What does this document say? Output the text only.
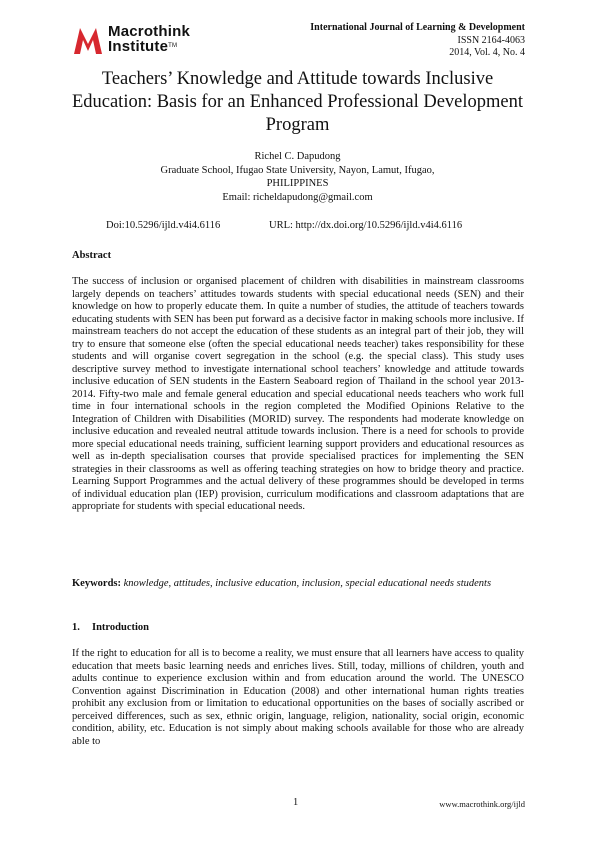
Macrothink
Institute™
International Journal of Learning & Development
ISSN 2164-4063
2014, Vol. 4, No. 4
Teachers’ Knowledge and Attitude towards Inclusive Education: Basis for an Enhanced Professional Development Program
Richel C. Dapudong
Graduate School, Ifugao State University, Nayon, Lamut, Ifugao,
PHILIPPINES
Email: richeldapudong@gmail.com
Doi:10.5296/ijld.v4i4.6116	URL: http://dx.doi.org/10.5296/ijld.v4i4.6116
Abstract

The success of inclusion or organised placement of children with disabilities in mainstream classrooms largely depends on teachers’ attitudes towards students with special educational needs (SEN) and their knowledge on how to properly educate them. In quite a number of studies, the attitude of teachers towards educating students with SEN has been put forward as a decisive factor in making schools more inclusive. If mainstream teachers do not accept the education of these students as an integral part of their job, they will try to ensure that someone else (often the special educational needs teacher) takes responsibility for these students and will organise covert segregation in the school (e.g. the special class). This study uses descriptive survey method to investigate international school teachers’ knowledge and attitude towards inclusive education of SEN students in the Eastern Seaboard region of Thailand in the school year 2013-2014. Fifty-two male and female general education and special educational needs teachers who work full time in four international schools in the region completed the Modified Opinions Relative to the Integration of Children with Disabilities (MORID) survey. The respondents had moderate knowledge on inclusive education and revealed neutral attitude towards inclusion. There is a need for schools to provide more special educational needs training, sufficient learning support providers and educational resources as well as in-depth specialisation courses that provide specialised practices for implementing the SEN strategies in their classrooms as well as offering teaching strategies on how to bridge theory and practice. Learning Support Programmes and the actual delivery of these programmes should be developed in terms of individual education plan (IEP) provision, curriculum modifications and classroom adaptations that are appropriate for students with special educational needs.

Keywords: knowledge, attitudes, inclusive education, inclusion, special educational needs students

1. Introduction

If the right to education for all is to become a reality, we must ensure that all learners have access to quality education that meets basic learning needs and enriches lives. Still, today, millions of children, youth and adults continue to experience exclusion within and from education around the world. The UNESCO Convention against Discrimination in Education (2008) and other international human rights treaties prohibit any exclusion from or limitation to educational opportunities on the bases of socially ascribed or perceived differences, such as sex, ethnic origin, language, religion, nationality, social origin, economic condition, ability, etc. Education is not simply about making schools available for those who are already able to

1	www.macrothink.org/ijld
